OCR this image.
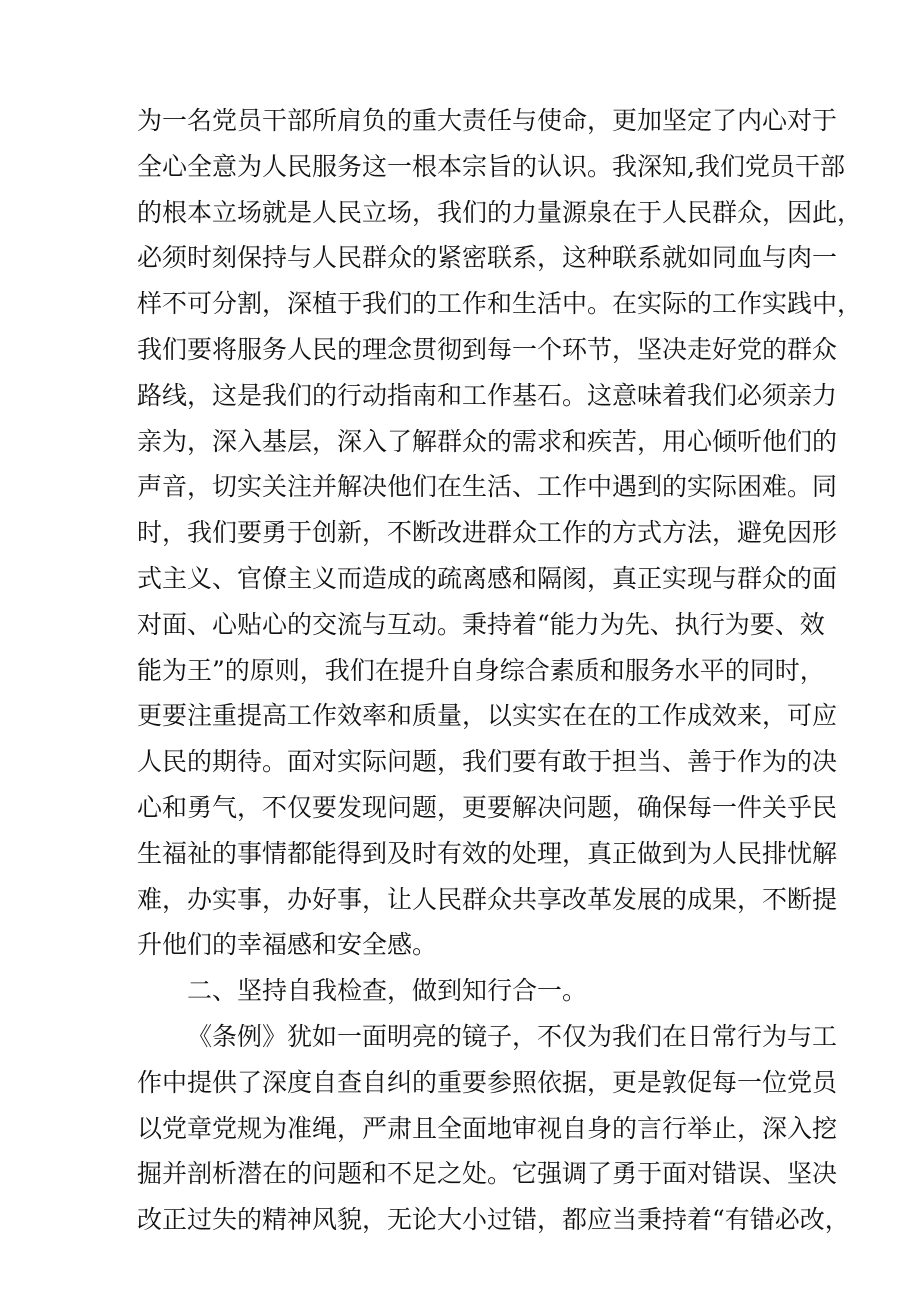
为一名党员干部所肩负的重大责任与使命，更加坚定了内心对于
全心全意为人民服务这一根本宗旨的认识。我深知,我们党员干部
的根本立场就是人民立场，我们的力量源泉在于人民群众，因此，
必须时刻保持与人民群众的紧密联系，这种联系就如同血与肉一
样不可分割，深植于我们的工作和生活中。在实际的工作实践中，
我们要将服务人民的理念贯彻到每一个环节，坚决走好党的群众
路线，这是我们的行动指南和工作基石。这意味着我们必须亲力
亲为，深入基层，深入了解群众的需求和疾苦，用心倾听他们的
声音，切实关注并解决他们在生活、工作中遇到的实际困难。同
时，我们要勇于创新，不断改进群众工作的方式方法，避免因形
式主义、官僚主义而造成的疏离感和隔阂，真正实现与群众的面
对面、心贴心的交流与互动。秉持着“能力为先、执行为要、效
能为王”的原则，我们在提升自身综合素质和服务水平的同时，
更要注重提高工作效率和质量，以实实在在的工作成效来，可应
人民的期待。面对实际问题，我们要有敢于担当、善于作为的决
心和勇气，不仅要发现问题，更要解决问题，确保每一件关乎民
生福祉的事情都能得到及时有效的处理，真正做到为人民排忧解
难，办实事，办好事，让人民群众共享改革发展的成果，不断提
升他们的幸福感和安全感。
二、坚持自我检查，做到知行合一。
《条例》犹如一面明亮的镜子，不仅为我们在日常行为与工
作中提供了深度自查自纠的重要参照依据，更是敦促每一位党员
以党章党规为准绳，严肃且全面地审视自身的言行举止，深入挖
掘并剖析潜在的问题和不足之处。它强调了勇于面对错误、坚决
改正过失的精神风貌，无论大小过错，都应当秉持着“有错必改，
